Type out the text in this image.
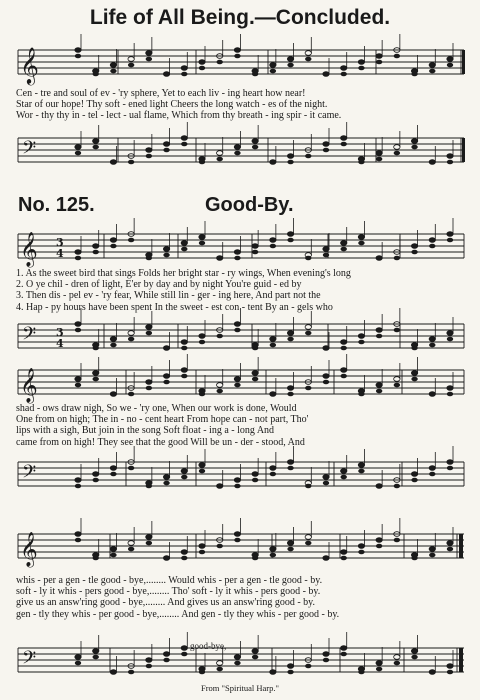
Life of All Being.—Concluded.
𝄞
Cen - tre and soul of ev - 'ry sphere, Yet to each liv - ing heart how near!
Star of our hope! Thy soft - ened light Cheers the long watch - es of the night.
Wor - thy thy in - tel - lect - ual flame, Which from thy breath - ing spir - it came.
𝄢
No. 125.	Good-By.
𝄞 3
4
1. As the sweet bird that sings Folds her bright star - ry wings, When evening's long
2. O ye chil - dren of light, E'er by day and by night You're guid - ed by
3. Then dis - pel ev - 'ry fear, While still lin - ger - ing here, And part not the
4. Hap - py hours have been spent In the sweet - est con - tent By an - gels who
𝄢 3
4
𝄞
shad - ows draw nigh, So we - 'ry one, When our work is done, Would
One from on high; The in - no - cent heart From hope can - not part, Tho'
lips with a sigh, But join in the song Soft float - ing a - long And
came from on high! They see that the good Will be un - der - stood, And
𝄢
𝄞
whis - per a gen - tle good - bye,........ Would whis - per a gen - tle good - by.
soft - ly it whis - pers good - bye,........ Tho' soft - ly it whis - pers good - by.
give us an answ'ring good - bye,........ And gives us an answ'ring good - by.
gen - tly they whis - per good - bye,........ And gen - tly they whis - per good - by.
good-bye,
𝄢
From "Spiritual Harp."
